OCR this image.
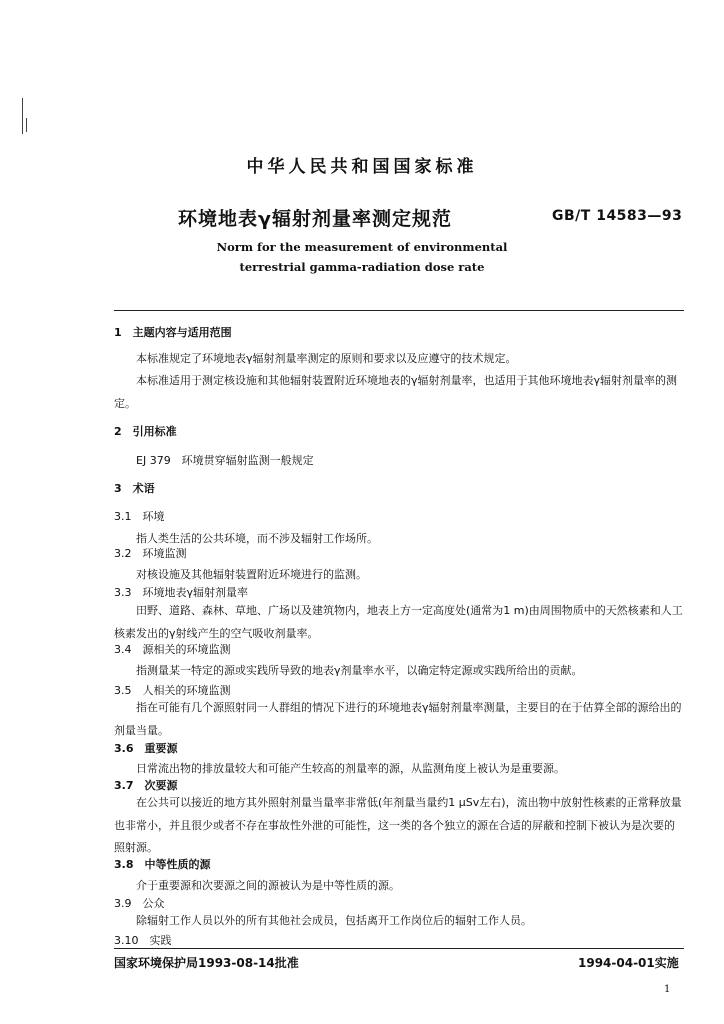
中华人民共和国国家标准
环境地表γ辐射剂量率测定规范	GB/T 14583—93
Norm for the measurement of environmental
terrestrial gamma-radiation dose rate
1　主题内容与适用范围

本标准规定了环境地表γ辐射剂量率测定的原则和要求以及应遵守的技术规定。

本标准适用于测定核设施和其他辐射装置附近环境地表的γ辐射剂量率，也适用于其他环境地表γ辐射剂量率的测定。

2　引用标准
EJ 379　环境贯穿辐射监测一般规定
3　术语
3.1　环境
指人类生活的公共环境，而不涉及辐射工作场所。
3.2　环境监测
对核设施及其他辐射装置附近环境进行的监测。
3.3　环境地表γ辐射剂量率

田野、道路、森林、草地、广场以及建筑物内，地表上方一定高度处(通常为1 m)由周围物质中的天然核素和人工核素发出的γ射线产生的空气吸收剂量率。

3.4　源相关的环境监测
指测量某一特定的源或实践所导致的地表γ剂量率水平，以确定特定源或实践所给出的贡献。
3.5　人相关的环境监测

指在可能有几个源照射同一人群组的情况下进行的环境地表γ辐射剂量率测量，主要目的在于估算全部的源给出的剂量当量。

3.6　重要源
日常流出物的排放量较大和可能产生较高的剂量率的源，从监测角度上被认为是重要源。
3.7　次要源

在公共可以接近的地方其外照射剂量当量率非常低(年剂量当量约1 μSv左右)，流出物中放射性核素的正常释放量也非常小，并且很少或者不存在事故性外泄的可能性，这一类的各个独立的源在合适的屏蔽和控制下被认为是次要的照射源。

3.8　中等性质的源
介于重要源和次要源之间的源被认为是中等性质的源。
3.9　公众
除辐射工作人员以外的所有其他社会成员，包括离开工作岗位后的辐射工作人员。
3.10　实践
国家环境保护局1993-08-14批准	1994-04-01实施
1
